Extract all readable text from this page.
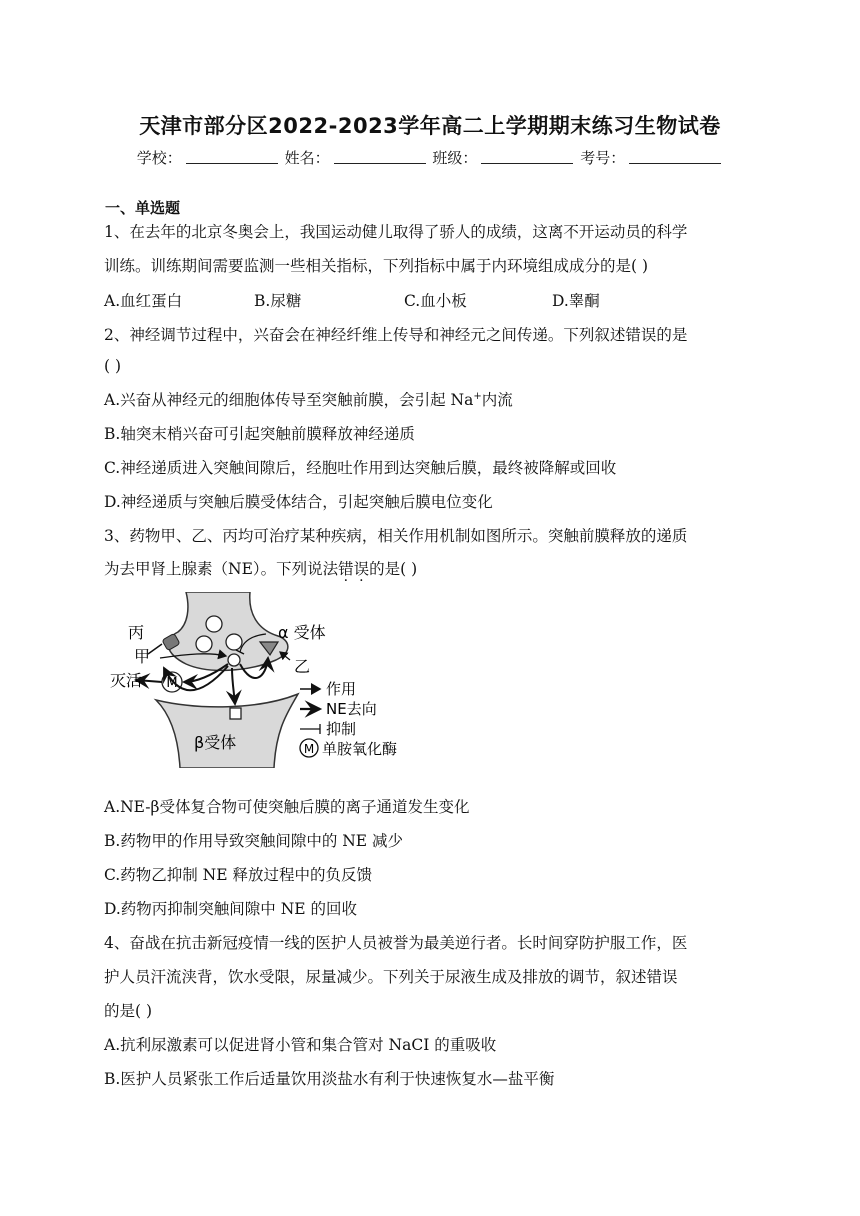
天津市部分区2022-2023学年高二上学期期末练习生物试卷
学校：	姓名：	班级：	考号：
一、单选题
1、在去年的北京冬奥会上，我国运动健儿取得了骄人的成绩，这离不开运动员的科学
训练。训练期间需要监测一些相关指标，下列指标中属于内环境组成成分的是( )
A.血红蛋白	B.尿糖	C.血小板	D.睾酮
2、神经调节过程中，兴奋会在神经纤维上传导和神经元之间传递。下列叙述错误的是
( )
A.兴奋从神经元的细胞体传导至突触前膜，会引起 Na+内流
B.轴突末梢兴奋可引起突触前膜释放神经递质
C.神经递质进入突触间隙后，经胞吐作用到达突触后膜，最终被降解或回收
D.神经递质与突触后膜受体结合，引起突触后膜电位变化
3、药物甲、乙、丙均可治疗某种疾病，相关作用机制如图所示。突触前膜释放的递质
为去甲肾上腺素（NE）。下列说法错误的是( )
M
丙
甲
灭活
α 受体
乙
β受体
作用
NE去向
抑制
M 单胺氧化酶
A.NE-β受体复合物可使突触后膜的离子通道发生变化
B.药物甲的作用导致突触间隙中的 NE 减少
C.药物乙抑制 NE 释放过程中的负反馈
D.药物丙抑制突触间隙中 NE 的回收
4、奋战在抗击新冠疫情一线的医护人员被誉为最美逆行者。长时间穿防护服工作，医
护人员汗流浃背，饮水受限，尿量减少。下列关于尿液生成及排放的调节，叙述错误
的是( )
A.抗利尿激素可以促进肾小管和集合管对 NaCI 的重吸收
B.医护人员紧张工作后适量饮用淡盐水有利于快速恢复水—盐平衡
